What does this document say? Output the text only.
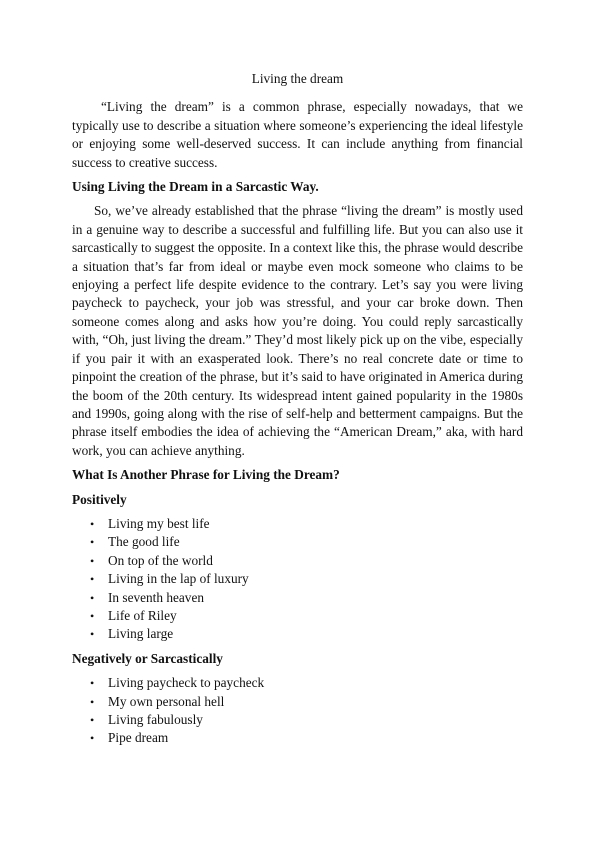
Living the dream

“Living the dream” is a common phrase, especially nowadays, that we typically use to describe a situation where someone’s experiencing the ideal lifestyle or enjoying some well-deserved success. It can include anything from financial success to creative success.

Using Living the Dream in a Sarcastic Way.

So, we’ve already established that the phrase “living the dream” is mostly used in a genuine way to describe a successful and fulfilling life. But you can also use it sarcastically to suggest the opposite. In a context like this, the phrase would describe a situation that’s far from ideal or maybe even mock someone who claims to be enjoying a perfect life despite evidence to the contrary. Let’s say you were living paycheck to paycheck, your job was stressful, and your car broke down. Then someone comes along and asks how you’re doing. You could reply sarcastically with, “Oh, just living the dream.” They’d most likely pick up on the vibe, especially if you pair it with an exasperated look. There’s no real concrete date or time to pinpoint the creation of the phrase, but it’s said to have originated in America during the boom of the 20th century. Its widespread intent gained popularity in the 1980s and 1990s, going along with the rise of self-help and betterment campaigns. But the phrase itself embodies the idea of achieving the “American Dream,” aka, with hard work, you can achieve anything.

What Is Another Phrase for Living the Dream?
Positively
• Living my best life
• The good life
• On top of the world
• Living in the lap of luxury
• In seventh heaven
• Life of Riley
• Living large
Negatively or Sarcastically
• Living paycheck to paycheck
• My own personal hell
• Living fabulously
• Pipe dream
